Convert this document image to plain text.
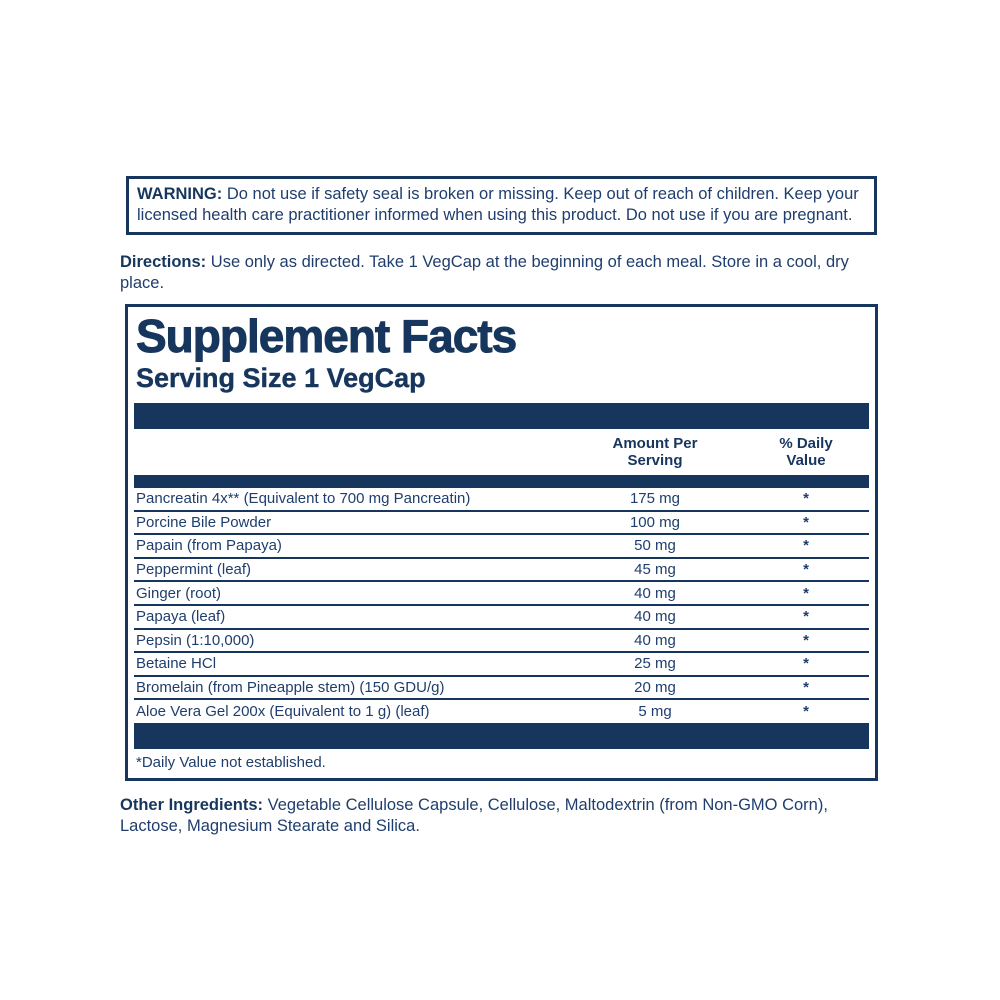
WARNING: Do not use if safety seal is broken or missing. Keep out of reach of children. Keep your licensed health care practitioner informed when using this product. Do not use if you are pregnant.
Directions: Use only as directed. Take 1 VegCap at the beginning of each meal. Store in a cool, dry place.
Supplement Facts
Serving Size 1 VegCap
Amount Per Serving
% Daily Value
Pancreatin 4x** (Equivalent to 700 mg Pancreatin)	175 mg	*
Porcine Bile Powder	100 mg	*
Papain (from Papaya)	50 mg	*
Peppermint (leaf)	45 mg	*
Ginger (root)	40 mg	*
Papaya (leaf)	40 mg	*
Pepsin (1:10,000)	40 mg	*
Betaine HCl	25 mg	*
Bromelain (from Pineapple stem) (150 GDU/g)	20 mg	*
Aloe Vera Gel 200x (Equivalent to 1 g) (leaf)	5 mg	*
*Daily Value not established.
Other Ingredients: Vegetable Cellulose Capsule, Cellulose, Maltodextrin (from Non-GMO Corn), Lactose, Magnesium Stearate and Silica.
